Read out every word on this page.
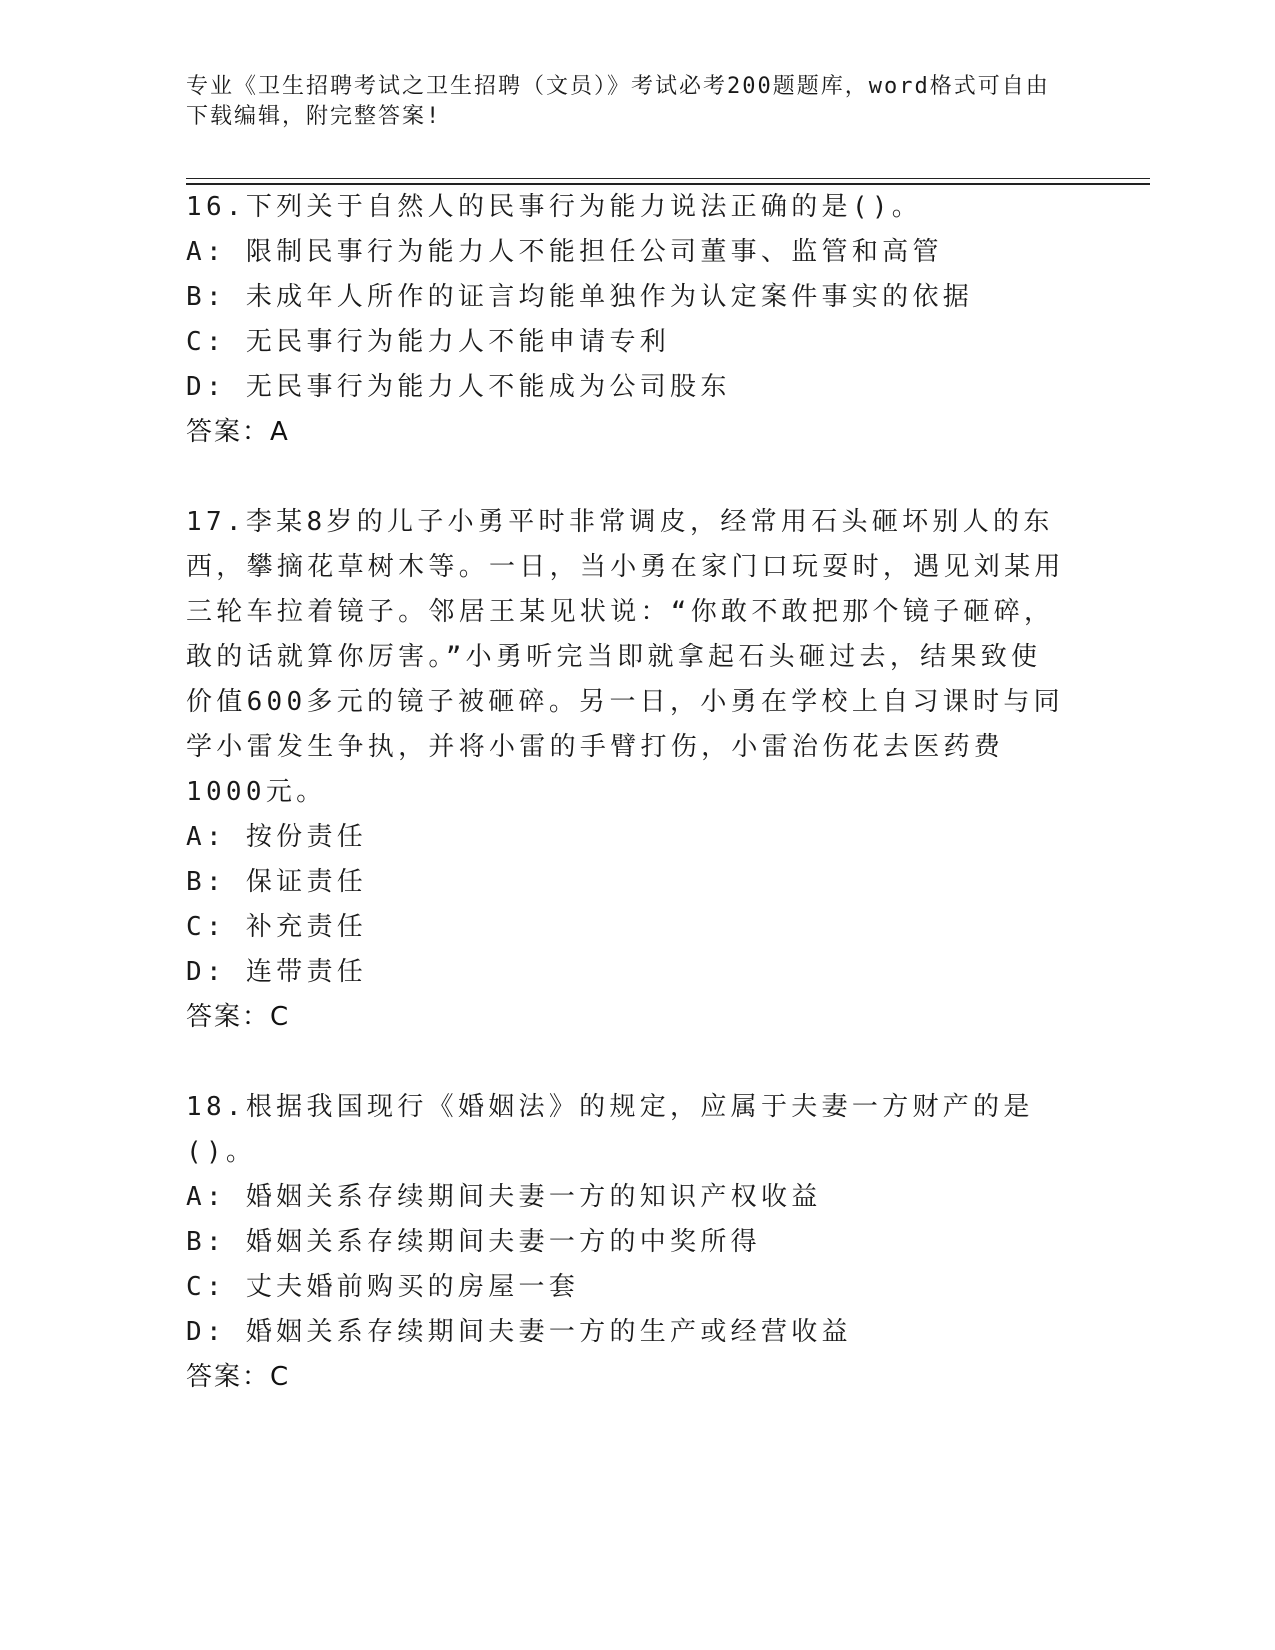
专业《卫生招聘考试之卫生招聘（文员）》考试必考200题题库，word格式可自由下载编辑，附完整答案!
16.下列关于自然人的民事行为能力说法正确的是()。
A: 限制民事行为能力人不能担任公司董事、监管和高管
B: 未成年人所作的证言均能单独作为认定案件事实的依据
C: 无民事行为能力人不能申请专利
D: 无民事行为能力人不能成为公司股东
答案：A
17.李某8岁的儿子小勇平时非常调皮，经常用石头砸坏别人的东西，攀摘花草树木等。一日，当小勇在家门口玩耍时，遇见刘某用三轮车拉着镜子。邻居王某见状说：“你敢不敢把那个镜子砸碎，敢的话就算你厉害。”小勇听完当即就拿起石头砸过去，结果致使价值600多元的镜子被砸碎。另一日，小勇在学校上自习课时与同学小雷发生争执，并将小雷的手臂打伤，小雷治伤花去医药费1000元。
A: 按份责任
B: 保证责任
C: 补充责任
D: 连带责任
答案：C
18.根据我国现行《婚姻法》的规定，应属于夫妻一方财产的是()。
A: 婚姻关系存续期间夫妻一方的知识产权收益
B: 婚姻关系存续期间夫妻一方的中奖所得
C: 丈夫婚前购买的房屋一套
D: 婚姻关系存续期间夫妻一方的生产或经营收益
答案：C
